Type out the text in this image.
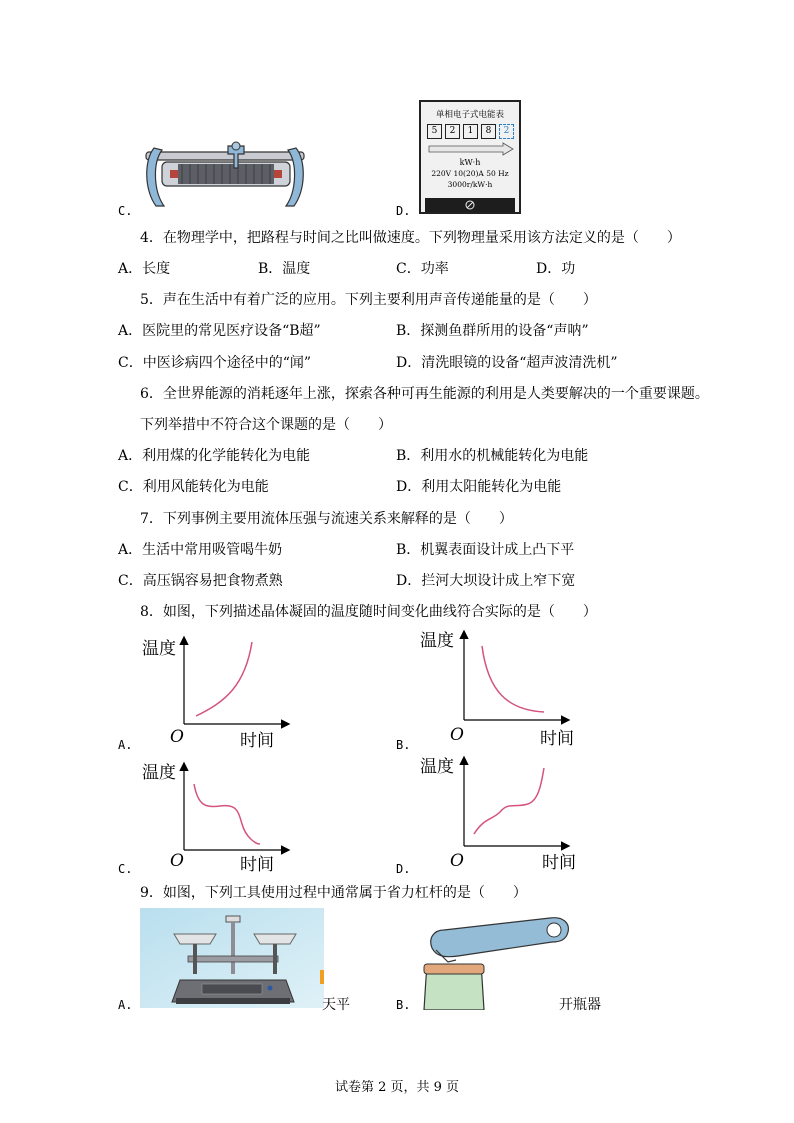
C.	D.
单相电子式电能表
5	2	1	8	2
kW·h
220V 10(20)A 50 Hz
3000r/kW·h
4．在物理学中，把路程与时间之比叫做速度。下列物理量采用该方法定义的是（　　）
A．长度	B．温度	C．功率	D．功
5．声在生活中有着广泛的应用。下列主要利用声音传递能量的是（　　）
A．医院里的常见医疗设备“B超”	B．探测鱼群所用的设备“声呐”
C．中医诊病四个途径中的“闻”	D．清洗眼镜的设备“超声波清洗机”
6．全世界能源的消耗逐年上涨，探索各种可再生能源的利用是人类要解决的一个重要课题。
下列举措中不符合这个课题的是（　　）
A．利用煤的化学能转化为电能	B．利用水的机械能转化为电能
C．利用风能转化为电能	D．利用太阳能转化为电能
7．下列事例主要用流体压强与流速关系来解释的是（　　）
A．生活中常用吸管喝牛奶	B．机翼表面设计成上凸下平
C．高压锅容易把食物煮熟	D．拦河大坝设计成上窄下宽
8．如图，下列描述晶体凝固的温度随时间变化曲线符合实际的是（　　）
A.
温度
O	时间	B.
温度
O	时间
C.
温度
O	时间	D.
温度
O	时间
9．如图，下列工具使用过程中通常属于省力杠杆的是（　　）
A.	天平	B.	开瓶器
试卷第 2 页，共 9 页
